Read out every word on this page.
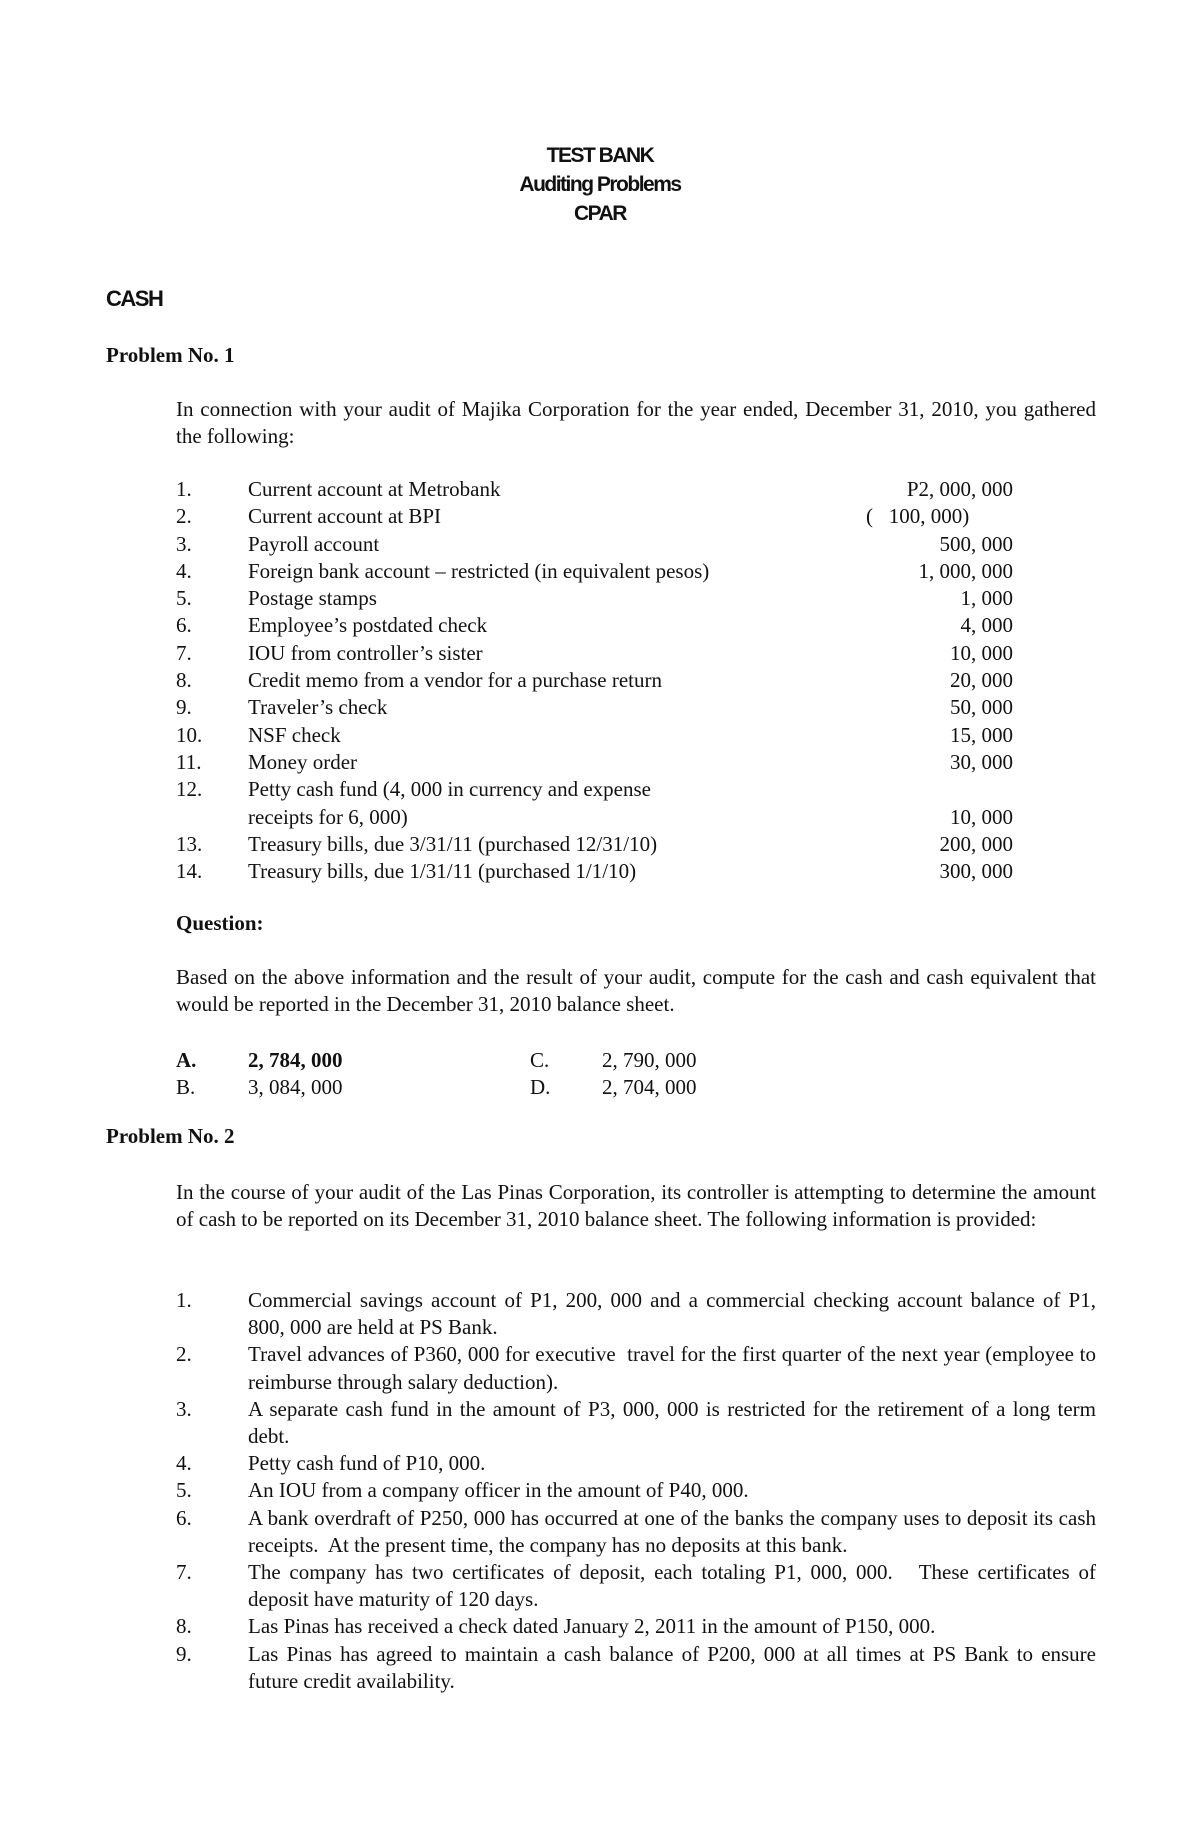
TEST BANK
Auditing Problems
CPAR
CASH
Problem No. 1
In connection with your audit of Majika Corporation for the year ended, December 31, 2010, you gathered the following:
1.	Current account at Metrobank	P2, 000, 000
2.	Current account at BPI	(   100, 000)
3.	Payroll account	500, 000
4.	Foreign bank account – restricted (in equivalent pesos)	1, 000, 000
5.	Postage stamps	1, 000
6.	Employee’s postdated check	4, 000
7.	IOU from controller’s sister	10, 000
8.	Credit memo from a vendor for a purchase return	20, 000
9.	Traveler’s check	50, 000
10.	NSF check	15, 000
11.	Money order	30, 000
12.	Petty cash fund (4, 000 in currency and expense
receipts for 6, 000)	10, 000
13.	Treasury bills, due 3/31/11 (purchased 12/31/10)	200, 000
14.	Treasury bills, due 1/31/11 (purchased 1/1/10)	300, 000
Question:
Based on the above information and the result of your audit, compute for the cash and cash equivalent that would be reported in the December 31, 2010 balance sheet.
A.	2, 784, 000	C.	2, 790, 000
B.	3, 084, 000	D.	2, 704, 000
Problem No. 2
In the course of your audit of the Las Pinas Corporation, its controller is attempting to determine the amount of cash to be reported on its December 31, 2010 balance sheet. The following information is provided:
1.	Commercial savings account of P1, 200, 000 and a commercial checking account balance of P1, 800, 000 are held at PS Bank.
2.	Travel advances of P360, 000 for executive  travel for the first quarter of the next year (employee to reimburse through salary deduction).
3.	A separate cash fund in the amount of P3, 000, 000 is restricted for the retirement of a long term debt.
4.	Petty cash fund of P10, 000.
5.	An IOU from a company officer in the amount of P40, 000.
6.	A bank overdraft of P250, 000 has occurred at one of the banks the company uses to deposit its cash receipts.  At the present time, the company has no deposits at this bank.
7.	The company has two certificates of deposit, each totaling P1, 000, 000.   These certificates of deposit have maturity of 120 days.
8.	Las Pinas has received a check dated January 2, 2011 in the amount of P150, 000.
9.	Las Pinas has agreed to maintain a cash balance of P200, 000 at all times at PS Bank to ensure future credit availability.
